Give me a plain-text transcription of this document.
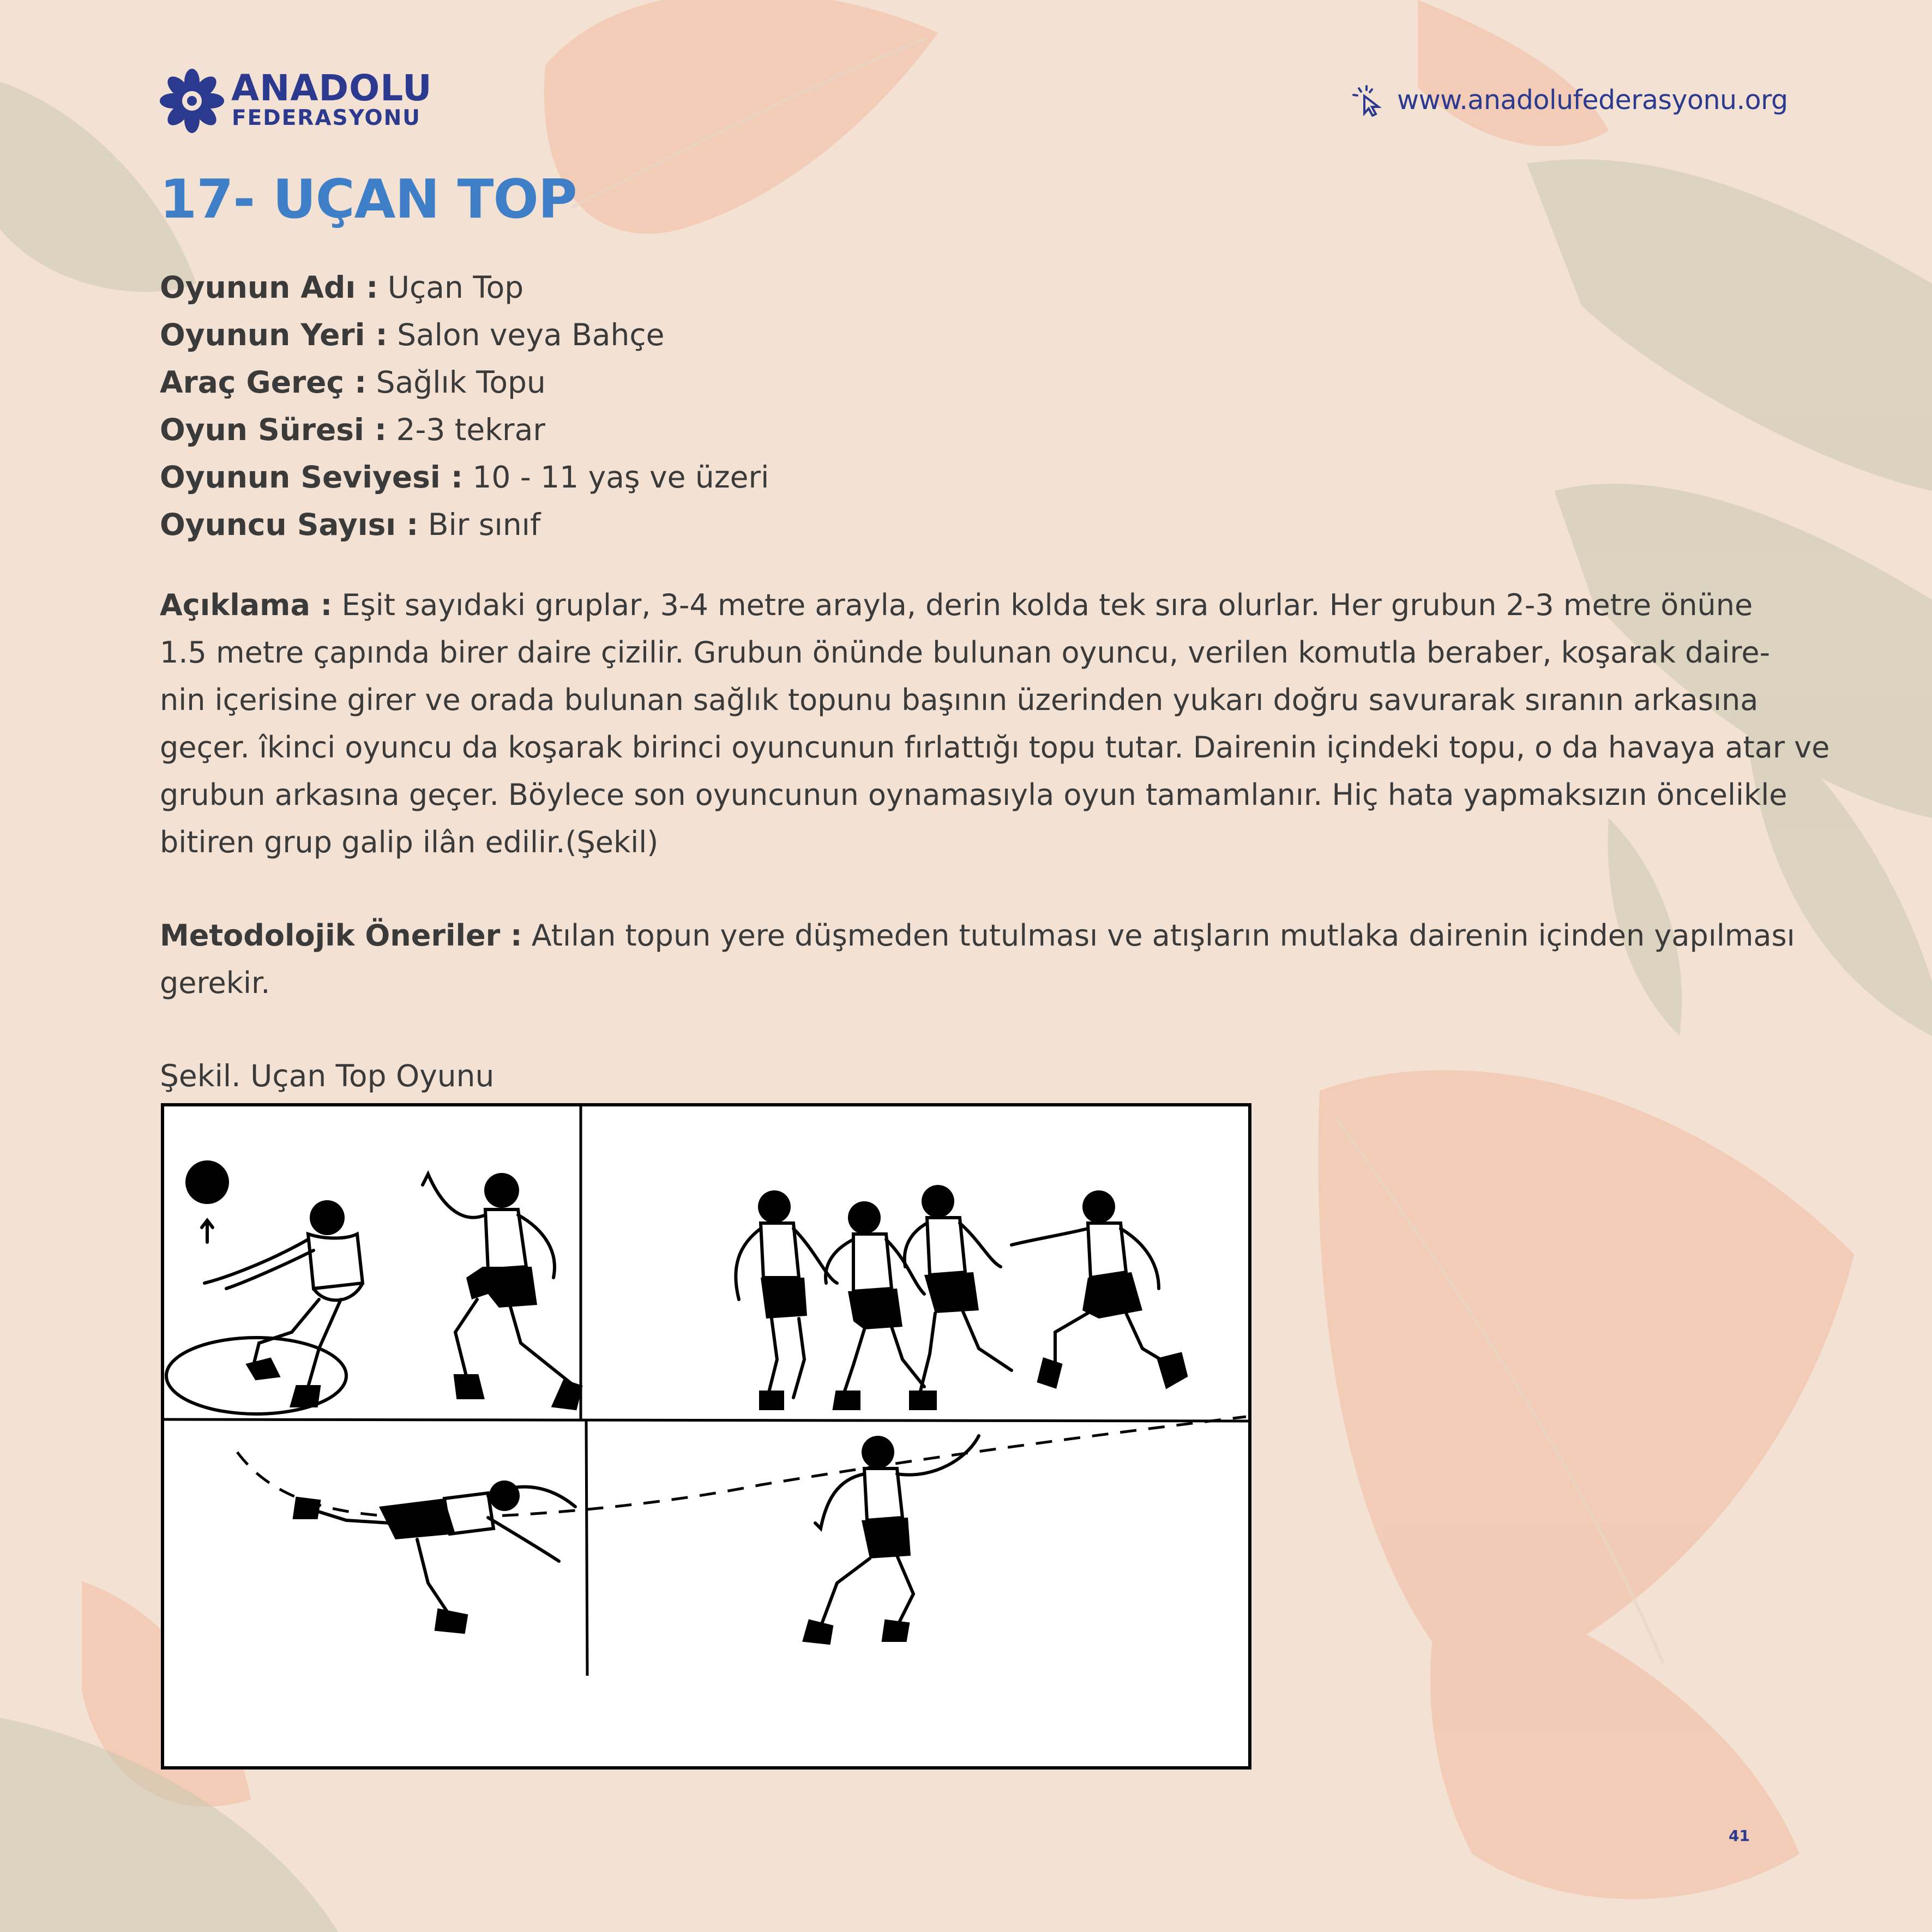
ANADOLU
FEDERASYONU
www.anadolufederasyonu.org
17- UÇAN TOP
Oyunun Adı : Uçan Top
Oyunun Yeri : Salon veya Bahçe
Araç Gereç : Sağlık Topu
Oyun Süresi : 2-3 tekrar
Oyunun Seviyesi : 10 - 11 yaş ve üzeri
Oyuncu Sayısı : Bir sınıf
Açıklama : Eşit sayıdaki gruplar, 3-4 metre arayla, derin kolda tek sıra olurlar. Her grubun 2-3 metre önüne
1.5 metre çapında birer daire çizilir. Grubun önünde bulunan oyuncu, verilen komutla beraber, koşarak daire-
nin içerisine girer ve orada bulunan sağlık topunu başının üzerinden yukarı doğru savurarak sıranın arkasına
geçer. îkinci oyuncu da koşarak birinci oyuncunun fırlattığı topu tutar. Dairenin içindeki topu, o da havaya atar ve
grubun arkasına geçer. Böylece son oyuncunun oynamasıyla oyun tamamlanır. Hiç hata yapmaksızın öncelikle
bitiren grup galip ilân edilir.(Şekil)
Metodolojik Öneriler : Atılan topun yere düşmeden tutulması ve atışların mutlaka dairenin içinden yapılması
gerekir.
Şekil. Uçan Top Oyunu
41
